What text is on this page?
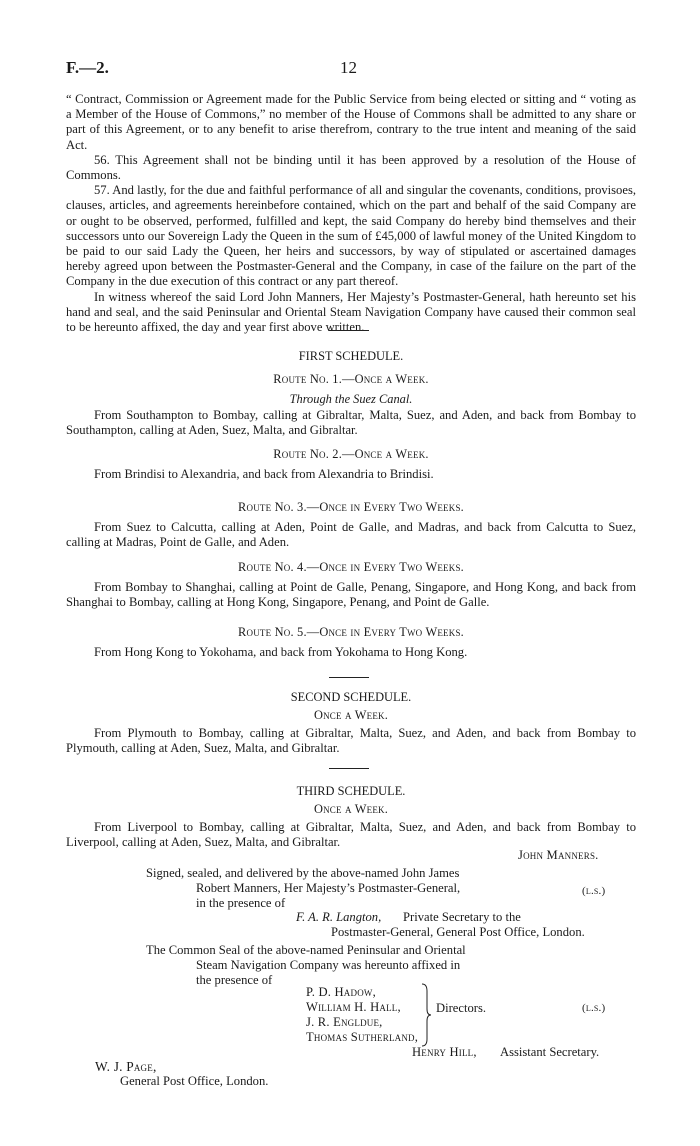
F.—2.	12

“ Contract, Commission or Agreement made for the Public Service from being elected or sitting and “ voting as a Member of the House of Commons,” no member of the House of Commons shall be admitted to any share or part of this Agreement, or to any benefit to arise therefrom, contrary to the true intent and meaning of the said Act.

56. This Agreement shall not be binding until it has been approved by a resolution of the House of Commons.

57. And lastly, for the due and faithful performance of all and singular the covenants, conditions, provisoes, clauses, articles, and agreements hereinbefore contained, which on the part and behalf of the said Company are or ought to be observed, performed, fulfilled and kept, the said Company do hereby bind themselves and their successors unto our Sovereign Lady the Queen in the sum of £45,000 of lawful money of the United Kingdom to be paid to our said Lady the Queen, her heirs and successors, by way of stipulated or ascertained damages hereby agreed upon between the Postmaster-General and the Company, in case of the failure on the part of the Company in the due execution of this contract or any part thereof.

In witness whereof the said Lord John Manners, Her Majesty’s Postmaster-General, hath hereunto set his hand and seal, and the said Peninsular and Oriental Steam Navigation Company have caused their common seal to be hereunto affixed, the day and year first above written.

FIRST SCHEDULE.
Route No. 1.—Once a Week.
Through the Suez Canal.
From Southampton to Bombay, calling at Gibraltar, Malta, Suez, and Aden, and back from Bombay to Southampton, calling at Aden, Suez, Malta, and Gibraltar.
Route No. 2.—Once a Week.
From Brindisi to Alexandria, and back from Alexandria to Brindisi.
Route No. 3.—Once in Every Two Weeks.
From Suez to Calcutta, calling at Aden, Point de Galle, and Madras, and back from Calcutta to Suez, calling at Madras, Point de Galle, and Aden.
Route No. 4.—Once in Every Two Weeks.
From Bombay to Shanghai, calling at Point de Galle, Penang, Singapore, and Hong Kong, and back from Shanghai to Bombay, calling at Hong Kong, Singapore, Penang, and Point de Galle.
Route No. 5.—Once in Every Two Weeks.
From Hong Kong to Yokohama, and back from Yokohama to Hong Kong.
SECOND SCHEDULE.
Once a Week.
From Plymouth to Bombay, calling at Gibraltar, Malta, Suez, and Aden, and back from Bombay to Plymouth, calling at Aden, Suez, Malta, and Gibraltar.
THIRD SCHEDULE.
Once a Week.
From Liverpool to Bombay, calling at Gibraltar, Malta, Suez, and Aden, and back from Bombay to Liverpool, calling at Aden, Suez, Malta, and Gibraltar.
John Manners.
Signed, sealed, and delivered by the above-named John James
Robert Manners, Her Majesty’s Postmaster-General,
in the presence of
(l.s.)
F. A. R. Langton, Private Secretary to the
Postmaster-General, General Post Office, London.
The Common Seal of the above-named Peninsular and Oriental
Steam Navigation Company was hereunto affixed in
the presence of
P. D. Hadow,
William H. Hall,
J. R. Engldue,
Thomas Sutherland,
Directors.	(l.s.)
Henry Hill, Assistant Secretary.
W. J. Page,
General Post Office, London.
